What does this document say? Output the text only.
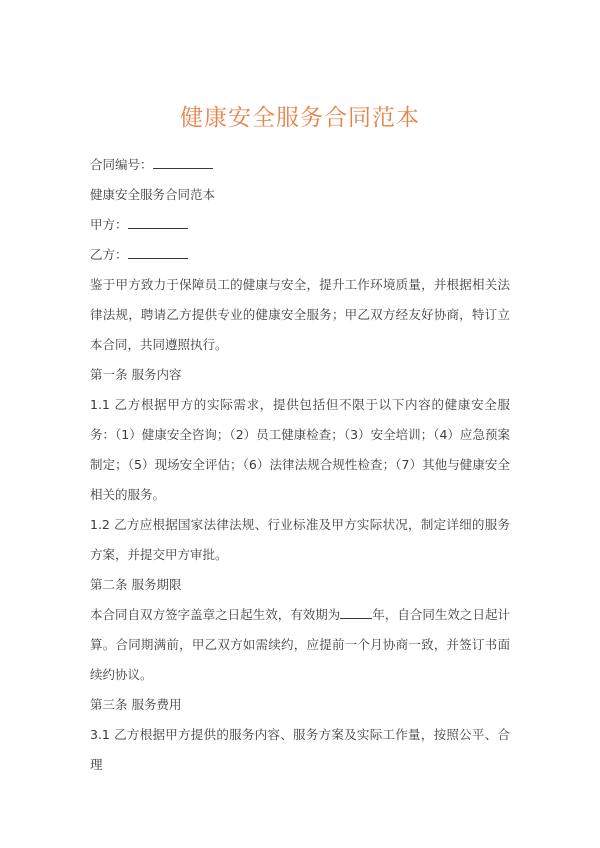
健康安全服务合同范本

合同编号：

健康安全服务合同范本

甲方：

乙方：

鉴于甲方致力于保障员工的健康与安全，提升工作环境质量，并根据相关法律法规，聘请乙方提供专业的健康安全服务；甲乙双方经友好协商，特订立本合同，共同遵照执行。

第一条 服务内容

1.1 乙方根据甲方的实际需求，提供包括但不限于以下内容的健康安全服务：（1）健康安全咨询；（2）员工健康检查；（3）安全培训；（4）应急预案制定；（5）现场安全评估；（6）法律法规合规性检查；（7）其他与健康安全相关的服务。

1.2 乙方应根据国家法律法规、行业标准及甲方实际状况，制定详细的服务方案，并提交甲方审批。

第二条 服务期限

本合同自双方签字盖章之日起生效，有效期为	年，自合同生效之日起计算。合同期满前，甲乙双方如需续约，应提前一个月协商一致，并签订书面续约协议。

第三条 服务费用

3.1 乙方根据甲方提供的服务内容、服务方案及实际工作量，按照公平、合理
